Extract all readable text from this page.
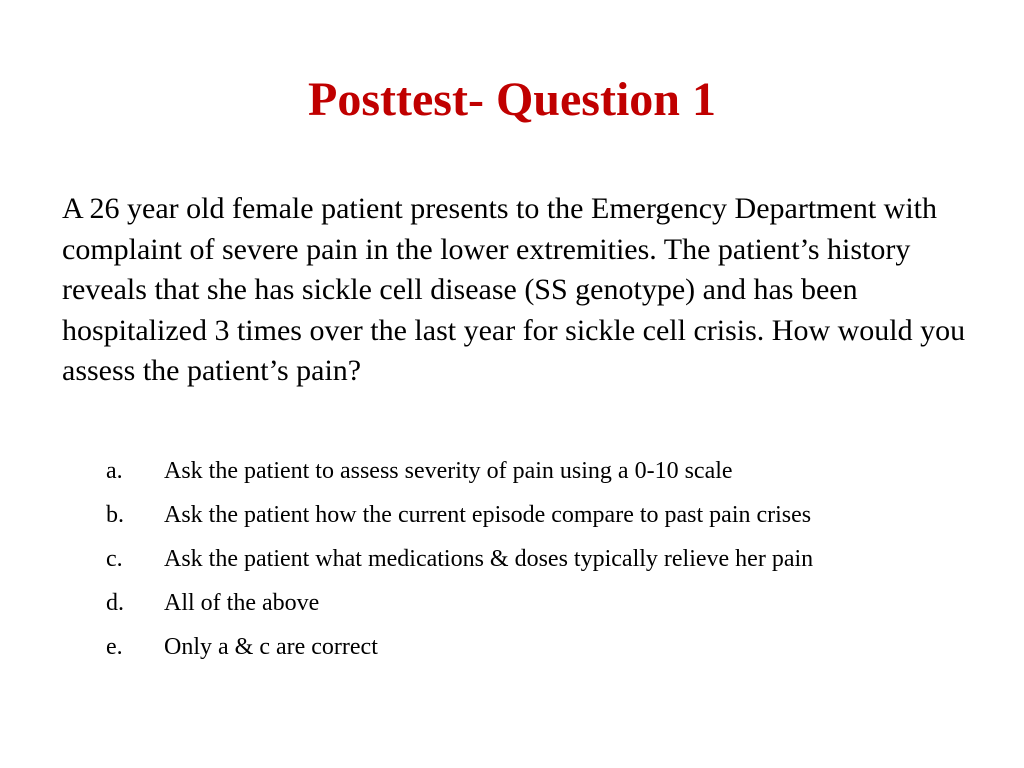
Posttest- Question 1

A 26 year old female patient presents to the Emergency Department with complaint of severe pain in the lower extremities. The patient’s history reveals that she has sickle cell disease (SS genotype) and has been hospitalized 3 times over the last year for sickle cell crisis. How would you assess the patient’s pain?

a.	Ask the patient to assess severity of pain using a 0-10 scale
b.	Ask the patient how the current episode compare to past pain crises
c.	Ask the patient what medications & doses typically relieve her pain
d.	All of the above
e.	Only a & c are correct
